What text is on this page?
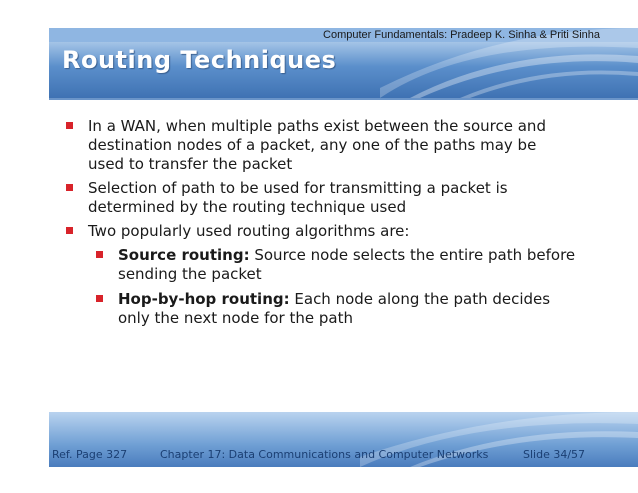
Computer Fundamentals: Pradeep K. Sinha & Priti Sinha
Routing Techniques
In a WAN, when multiple paths exist between the source and destination nodes of a packet, any one of the paths may be used to transfer the packet
Selection of path to be used for transmitting a packet is determined by the routing technique used
Two popularly used routing algorithms are:
Source routing: Source node selects the entire path before sending the packet
Hop-by-hop routing: Each node along the path decides only the next node for the path
Ref. Page 327	Chapter 17: Data Communications and Computer Networks	Slide 34/57
